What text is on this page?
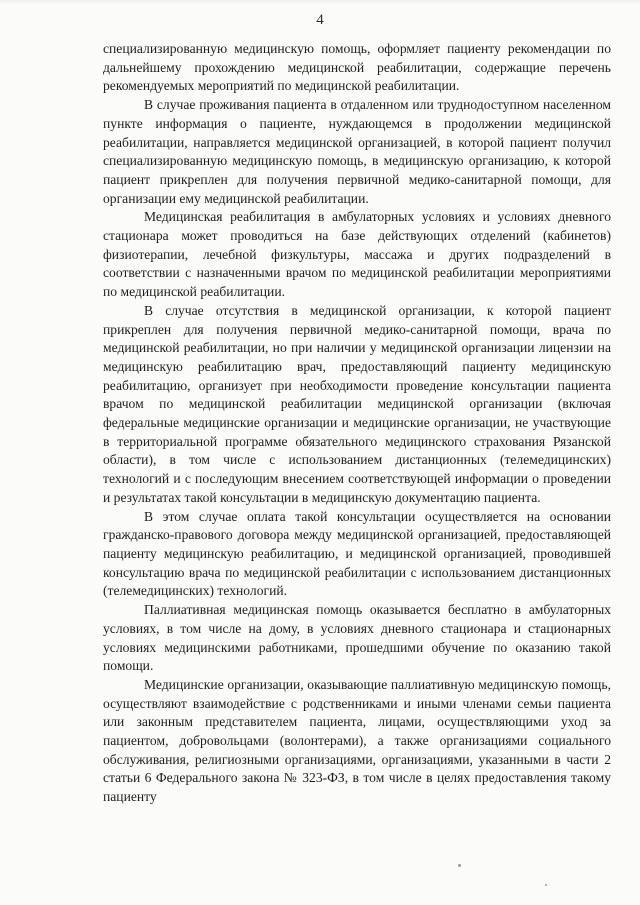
4

специализированную медицинскую помощь, оформляет пациенту рекомендации по дальнейшему прохождению медицинской реабилитации, содержащие перечень рекомендуемых мероприятий по медицинской реабилитации.

В случае проживания пациента в отдаленном или труднодоступном населенном пункте информация о пациенте, нуждающемся в продолжении медицинской реабилитации, направляется медицинской организацией, в которой пациент получил специализированную медицинскую помощь, в медицинскую организацию, к которой пациент прикреплен для получения первичной медико-санитарной помощи, для организации ему медицинской реабилитации.

Медицинская реабилитация в амбулаторных условиях и условиях дневного стационара может проводиться на базе действующих отделений (кабинетов) физиотерапии, лечебной физкультуры, массажа и других подразделений в соответствии с назначенными врачом по медицинской реабилитации мероприятиями по медицинской реабилитации.

В случае отсутствия в медицинской организации, к которой пациент прикреплен для получения первичной медико-санитарной помощи, врача по медицинской реабилитации, но при наличии у медицинской организации лицензии на медицинскую реабилитацию врач, предоставляющий пациенту медицинскую реабилитацию, организует при необходимости проведение консультации пациента врачом по медицинской реабилитации медицинской организации (включая федеральные медицинские организации и медицинские организации, не участвующие в территориальной программе обязательного медицинского страхования Рязанской области), в том числе с использованием дистанционных (телемедицинских) технологий и с последующим внесением соответствующей информации о проведении и результатах такой консультации в медицинскую документацию пациента.

В этом случае оплата такой консультации осуществляется на основании гражданско-правового договора между медицинской организацией, предоставляющей пациенту медицинскую реабилитацию, и медицинской организацией, проводившей консультацию врача по медицинской реабилитации с использованием дистанционных (телемедицинских) технологий.

Паллиативная медицинская помощь оказывается бесплатно в амбулаторных условиях, в том числе на дому, в условиях дневного стационара и стационарных условиях медицинскими работниками, прошедшими обучение по оказанию такой помощи.

Медицинские организации, оказывающие паллиативную медицинскую помощь, осуществляют взаимодействие с родственниками и иными членами семьи пациента или законным представителем пациента, лицами, осуществляющими уход за пациентом, добровольцами (волонтерами), а также организациями социального обслуживания, религиозными организациями, организациями, указанными в части 2 статьи 6 Федерального закона № 323-ФЗ, в том числе в целях предоставления такому пациенту
